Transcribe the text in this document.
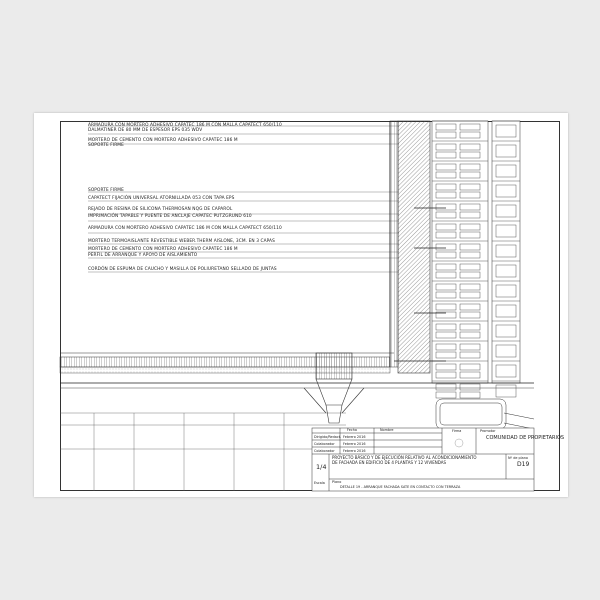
ARMADURA CON MORTERO ADHESIVO CAPATEC 186 M CON MALLA CAPATECT 650/110
DALMATINER DE 80 MM DE ESPESOR EPS 035 WDV
MORTERO DE CEMENTO CON MORTERO ADHESIVO CAPATEC 186 M
SOPORTE FIRME
SOPORTE FIRME
CAPATECT FIJACIÓN UNIVERSAL ATORNILLADA 053 CON TAPA EPS
REJADO DE RESINA DE SILICONA THERMOSAN NQG DE CAPAROL
IMPRIMACIÓN TAPABLE Y PUENTE DE ANCLAJE CAPATEC PUTZGRUND 610
ARMADURA CON MORTERO ADHESIVO CAPATEC 186 M CON MALLA CAPATECT 650/110
MORTERO TERMOAISLANTE REVESTIBLE WEBER.THERM AISLONE, 3CM. EN 3 CAPAS
MORTERO DE CEMENTO CON MORTERO ADHESIVO CAPATEC 186 M
PERFIL DE ARRANQUE Y APOYO DE AISLAMIENTO
CORDÓN DE ESPUMA DE CAUCHO Y MASILLA DE POLIURETANO SELLADO DE JUNTAS
Fecha	Nombre	Firma	Promotor
Dirigido/Redact. Febrero 2016
Colaborador Febrero 2016
Colaborador Febrero 2016
COMUNIDAD DE PROPIETARIOS
1/4
Escala
PROYECTO BÁSICO Y DE EJECUCIÓN RELATIVO AL ACONDICIONAMIENTO
DE FACHADA EN EDIFICIO DE 4 PLANTAS Y 12 VIVIENDAS
Plano
DETALLE 19 - ARRANQUE FACHADA SATE EN CONTACTO CON TERRAZA
Nº de plano
D19
